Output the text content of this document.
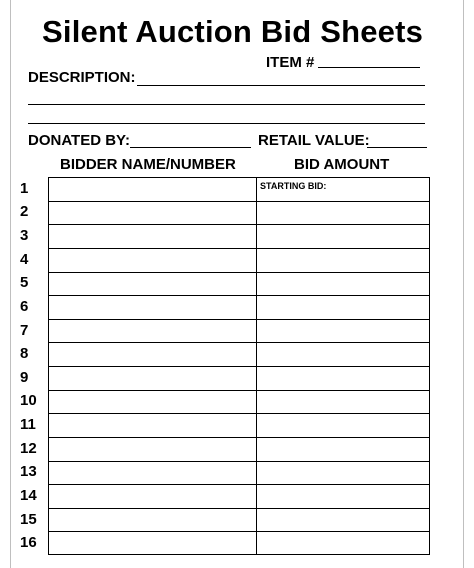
Silent Auction Bid Sheets
ITEM #
DESCRIPTION:
DONATED BY:	RETAIL VALUE:
BIDDER NAME/NUMBER	BID AMOUNT
STARTING BID:
1
2
3
4
5
6
7
8
9
10
11
12
13
14
15
16
